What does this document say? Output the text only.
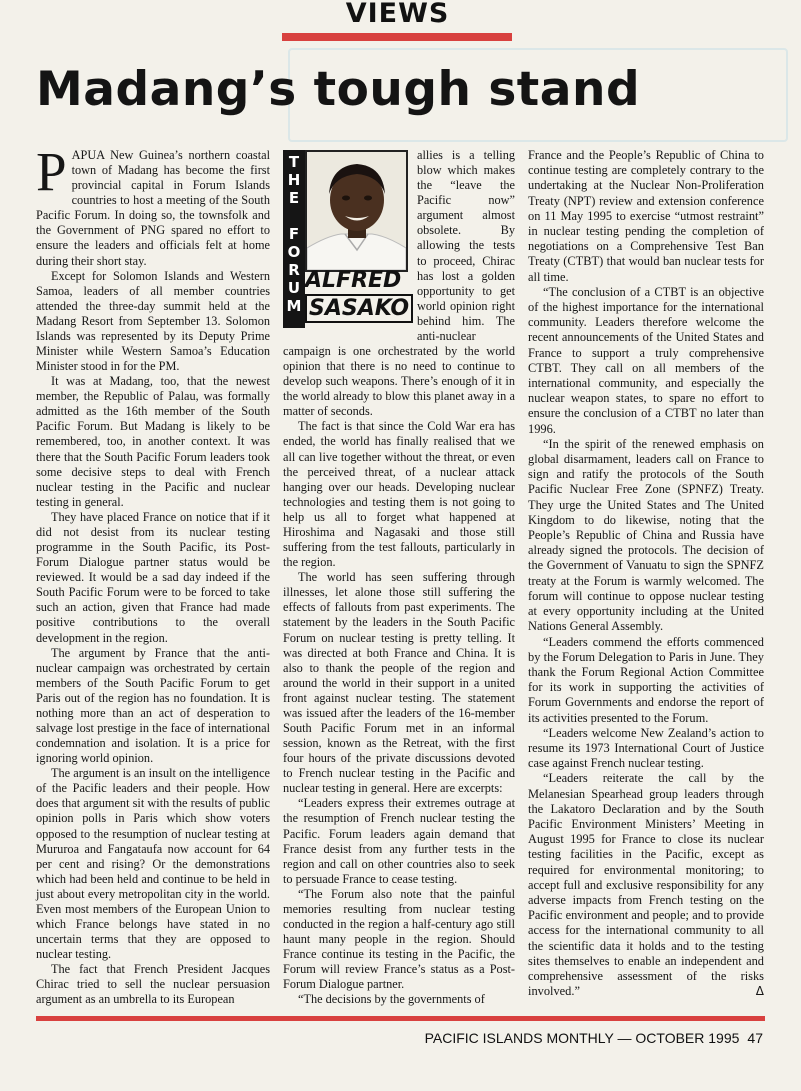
VIEWS
Madang’s tough stand

PAPUA New Guinea’s northern coastal town of Madang has become the first provincial capital in Forum Islands countries to host a meeting of the South Pacific Forum. In doing so, the townsfolk and the Government of PNG spared no effort to ensure the leaders and officials felt at home during their short stay.

Except for Solomon Islands and Western Samoa, leaders of all member countries attended the three-day summit held at the Madang Resort from September 13. Solomon Islands was represented by its Deputy Prime Minister while Western Samoa’s Education Minister stood in for the PM.

It was at Madang, too, that the newest member, the Republic of Palau, was formally admitted as the 16th member of the South Pacific Forum. But Madang is likely to be remembered, too, in another context. It was there that the South Pacific Forum leaders took some decisive steps to deal with French nuclear testing in the Pacific and nuclear testing in general.

They have placed France on notice that if it did not desist from its nuclear testing programme in the South Pacific, its Post-Forum Dialogue partner status would be reviewed. It would be a sad day indeed if the South Pacific Forum were to be forced to take such an action, given that France had made positive contributions to the overall development in the region.

The argument by France that the anti-nuclear campaign was orchestrated by certain members of the South Pacific Forum to get Paris out of the region has no foundation. It is nothing more than an act of desperation to salvage lost prestige in the face of international condemnation and isolation. It is a price for ignoring world opinion.

The argument is an insult on the intelligence of the Pacific leaders and their people. How does that argument sit with the results of public opinion polls in Paris which show voters opposed to the resumption of nuclear testing at Mururoa and Fangataufa now account for 64 per cent and rising? Or the demonstrations which had been held and continue to be held in just about every metropolitan city in the world. Even most members of the European Union to which France belongs have stated in no uncertain terms that they are opposed to nuclear testing.

The fact that French President Jacques Chirac tried to sell the nuclear persuasion argument as an umbrella to its European

T
H
E
F
O
R
U
M
ALFRED
SASAKO

allies is a telling blow which makes the “leave the Pacific now” argument almost obsolete. By allowing the tests to proceed, Chirac has lost a golden opportunity to get world opinion right behind him. The anti-nuclear campaign is one orchestrated by the world opinion that there is no need to continue to develop such weapons. There’s enough of it in the world already to blow this planet away in a matter of seconds.

The fact is that since the Cold War era has ended, the world has finally realised that we all can live together without the threat, or even the perceived threat, of a nuclear attack hanging over our heads. Developing nuclear technologies and testing them is not going to help us all to forget what happened at Hiroshima and Nagasaki and those still suffering from the test fallouts, particularly in the region.

The world has seen suffering through illnesses, let alone those still suffering the effects of fallouts from past experiments. The statement by the leaders in the South Pacific Forum on nuclear testing is pretty telling. It was directed at both France and China. It is also to thank the people of the region and around the world in their support in a united front against nuclear testing. The statement was issued after the leaders of the 16-member South Pacific Forum met in an informal session, known as the Retreat, with the first four hours of the private discussions devoted to French nuclear testing in the Pacific and nuclear testing in general. Here are excerpts:

“Leaders express their extremes outrage at the resumption of French nuclear testing the Pacific. Forum leaders again demand that France desist from any further tests in the region and call on other countries also to seek to persuade France to cease testing.

“The Forum also note that the painful memories resulting from nuclear testing conducted in the region a half-century ago still haunt many people in the region. Should France continue its testing in the Pacific, the Forum will review France’s status as a Post-Forum Dialogue partner.

“The decisions by the governments of

France and the People’s Republic of China to continue testing are completely contrary to the undertaking at the Nuclear Non-Proliferation Treaty (NPT) review and extension conference on 11 May 1995 to exercise “utmost restraint” in nuclear testing pending the completion of negotiations on a Comprehensive Test Ban Treaty (CTBT) that would ban nuclear tests for all time.

“The conclusion of a CTBT is an objective of the highest importance for the international community. Leaders therefore welcome the recent announcements of the United States and France to support a truly comprehensive CTBT. They call on all members of the international community, and especially the nuclear weapon states, to spare no effort to ensure the conclusion of a CTBT no later than 1996.

“In the spirit of the renewed emphasis on global disarmament, leaders call on France to sign and ratify the protocols of the South Pacific Nuclear Free Zone (SPNFZ) Treaty. They urge the United States and The United Kingdom to do likewise, noting that the People’s Republic of China and Russia have already signed the protocols. The decision of the Government of Vanuatu to sign the SPNFZ treaty at the Forum is warmly welcomed. The forum will continue to oppose nuclear testing at every opportunity including at the United Nations General Assembly.

“Leaders commend the efforts commenced by the Forum Delegation to Paris in June. They thank the Forum Regional Action Committee for its work in supporting the activities of Forum Governments and endorse the report of its activities presented to the Forum.

“Leaders welcome New Zealand’s action to resume its 1973 International Court of Justice case against French nuclear testing.

“Leaders reiterate the call by the Melanesian Spearhead group leaders through the Lakatoro Declaration and by the South Pacific Environment Ministers’ Meeting in August 1995 for France to close its nuclear testing facilities in the Pacific, except as required for environmental monitoring; to accept full and exclusive responsibility for any adverse impacts from French testing on the Pacific environment and people; and to provide access for the international community to all the scientific data it holds and to the testing sites themselves to enable an independent and comprehensive assessment of the risks involved.”	Δ

PACIFIC ISLANDS MONTHLY — OCTOBER 1995 47
